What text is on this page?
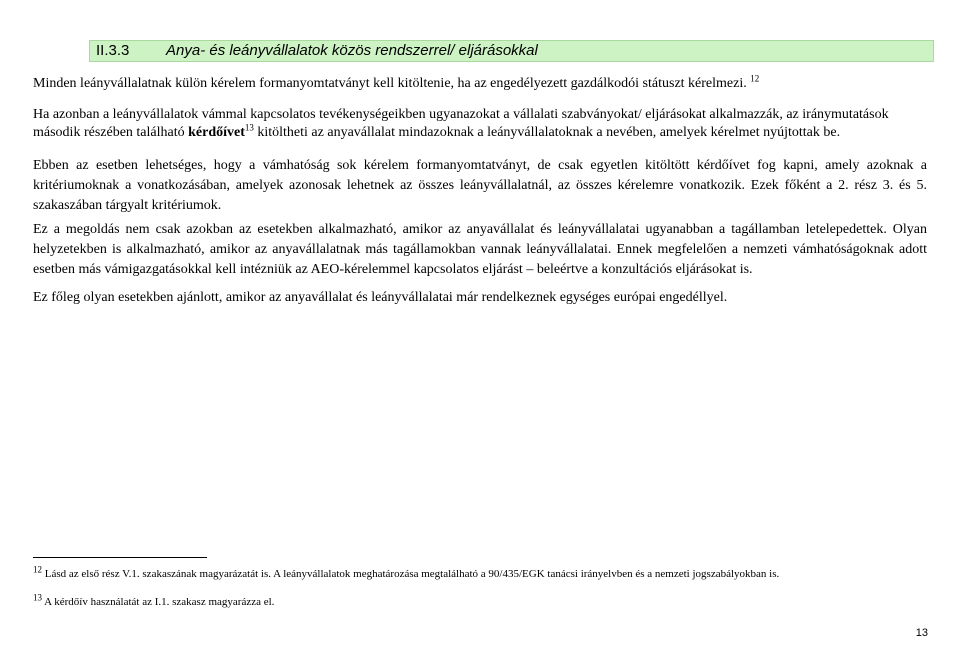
II.3.3 Anya- és leányvállalatok közös rendszerrel/ eljárásokkal
Minden leányvállalatnak külön kérelem formanyomtatványt kell kitöltenie, ha az engedélyezett gazdálkodói státuszt kérelmezi. $^{12}$
Ha azonban a leányvállalatok vámmal kapcsolatos tevékenységeikben ugyanazokat a vállalati szabványokat/ eljárásokat alkalmazzák, az iránymutatások második részében található kérdőívet$^{13}$ kitöltheti az anyavállalat mindazoknak a leányvállalatoknak a nevében, amelyek kérelmet nyújtottak be.
Ebben az esetben lehetséges, hogy a vámhatóság sok kérelem formanyomtatványt, de csak egyetlen kitöltött kérdőívet fog kapni, amely azoknak a kritériumoknak a vonatkozásában, amelyek azonosak lehetnek az összes leányvállalatnál, az összes kérelemre vonatkozik. Ezek főként a 2. rész 3. és 5. szakaszában tárgyalt kritériumok.
Ez a megoldás nem csak azokban az esetekben alkalmazható, amikor az anyavállalat és leányvállalatai ugyanabban a tagállamban letelepedettek. Olyan helyzetekben is alkalmazható, amikor az anyavállalatnak más tagállamokban vannak leányvállalatai. Ennek megfelelően a nemzeti vámhatóságoknak adott esetben más vámigazgatásokkal kell intézniük az AEO-kérelemmel kapcsolatos eljárást – beleértve a konzultációs eljárásokat is.
Ez főleg olyan esetekben ajánlott, amikor az anyavállalat és leányvállalatai már rendelkeznek egységes európai engedéllyel.
$^{12}$ Lásd az első rész V.1. szakaszának magyarázatát is. A leányvállalatok meghatározása megtalálható a 90/435/EGK tanácsi irányelvben és a nemzeti jogszabályokban is.
$^{13}$ A kérdőív használatát az I.1. szakasz magyarázza el.
13
